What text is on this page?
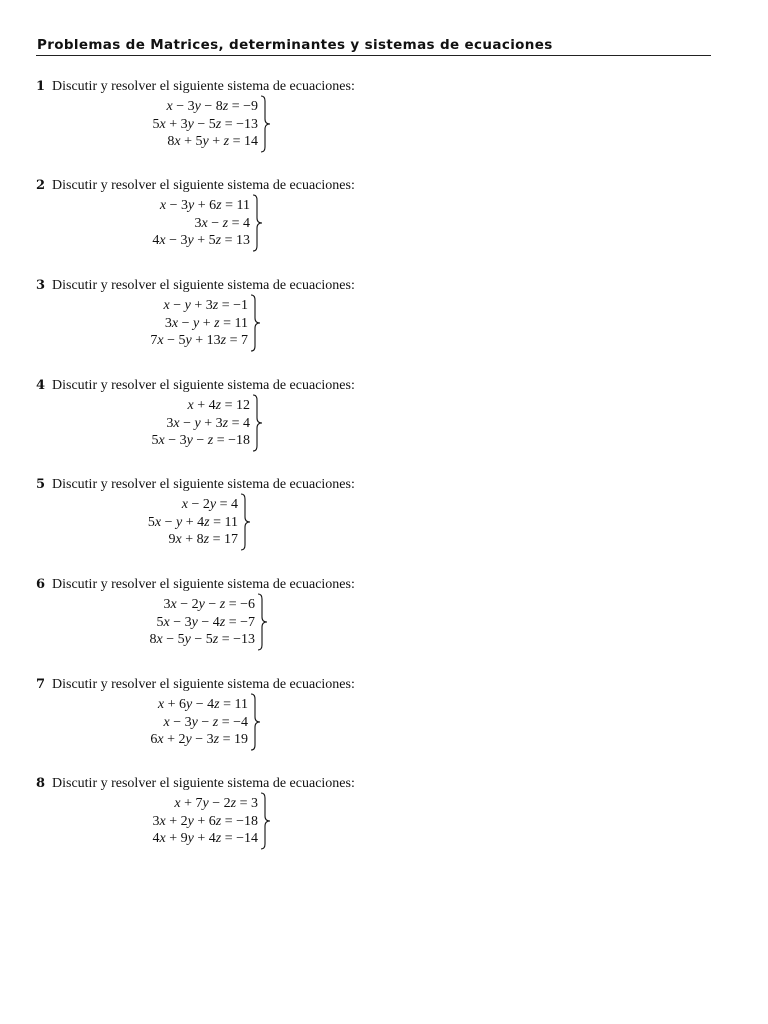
Problemas de Matrices, determinantes y sistemas de ecuaciones
1 Discutir y resolver el siguiente sistema de ecuaciones:
x − 3y − 8z = −9
5x + 3y − 5z = −13
8x + 5y + z = 14
2 Discutir y resolver el siguiente sistema de ecuaciones:
x − 3y + 6z = 11
3x − z = 4
4x − 3y + 5z = 13
3 Discutir y resolver el siguiente sistema de ecuaciones:
x − y + 3z = −1
3x − y + z = 11
7x − 5y + 13z = 7
4 Discutir y resolver el siguiente sistema de ecuaciones:
x + 4z = 12
3x − y + 3z = 4
5x − 3y − z = −18
5 Discutir y resolver el siguiente sistema de ecuaciones:
x − 2y = 4
5x − y + 4z = 11
9x + 8z = 17
6 Discutir y resolver el siguiente sistema de ecuaciones:
3x − 2y − z = −6
5x − 3y − 4z = −7
8x − 5y − 5z = −13
7 Discutir y resolver el siguiente sistema de ecuaciones:
x + 6y − 4z = 11
x − 3y − z = −4
6x + 2y − 3z = 19
8 Discutir y resolver el siguiente sistema de ecuaciones:
x + 7y − 2z = 3
3x + 2y + 6z = −18
4x + 9y + 4z = −14
